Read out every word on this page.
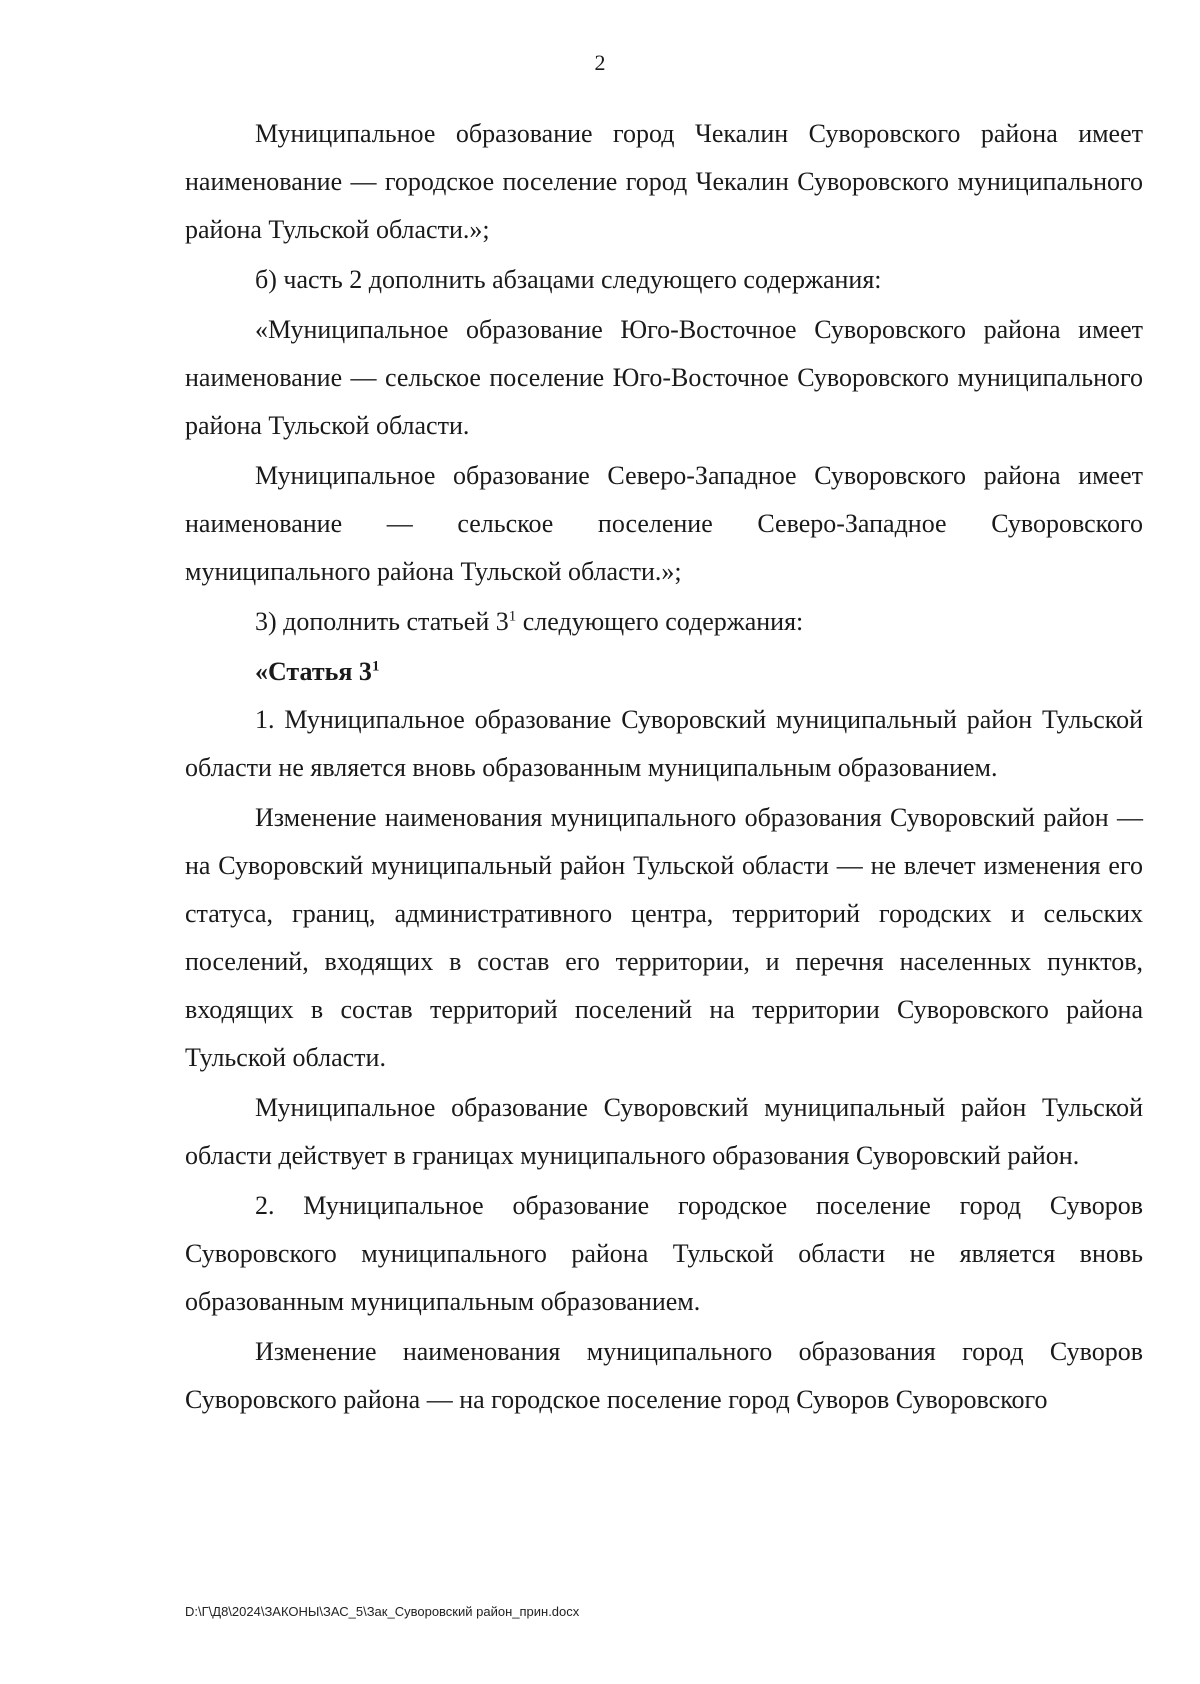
2

Муниципальное образование город Чекалин Суворовского района имеет наименование — городское поселение город Чекалин Суворовского муниципального района Тульской области.»;

б) часть 2 дополнить абзацами следующего содержания:

«Муниципальное образование Юго-Восточное Суворовского района имеет наименование — сельское поселение Юго-Восточное Суворовского муниципального района Тульской области.

Муниципальное образование Северо-Западное Суворовского района имеет наименование — сельское поселение Северо-Западное Суворовского муниципального района Тульской области.»;

3) дополнить статьей $3^1$ следующего содержания:

«Статья $3^1$

1. Муниципальное образование Суворовский муниципальный район Тульской области не является вновь образованным муниципальным образованием.

Изменение наименования муниципального образования Суворовский район — на Суворовский муниципальный район Тульской области — не влечет изменения его статуса, границ, административного центра, территорий городских и сельских поселений, входящих в состав его территории, и перечня населенных пунктов, входящих в состав территорий поселений на территории Суворовского района Тульской области.

Муниципальное образование Суворовский муниципальный район Тульской области действует в границах муниципального образования Суворовский район.

2. Муниципальное образование городское поселение город Суворов Суворовского муниципального района Тульской области не является вновь образованным муниципальным образованием.

Изменение наименования муниципального образования город Суворов Суворовского района — на городское поселение город Суворов Суворовского

D:\Г\Д8\2024\ЗАКОНЫ\ЗАС_5\Зак_Суворовский район_прин.docx
